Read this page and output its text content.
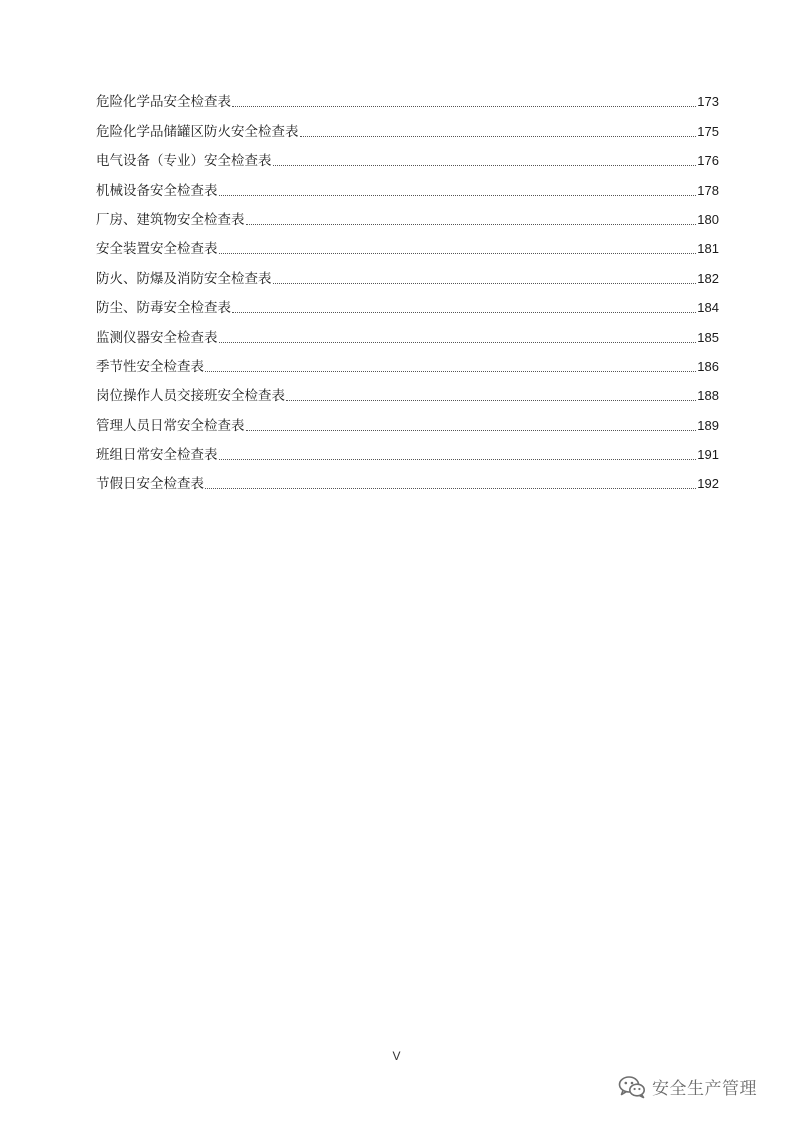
危险化学品安全检查表	173
危险化学品储罐区防火安全检查表	175
电气设备（专业）安全检查表	176
机械设备安全检查表	178
厂房、建筑物安全检查表	180
安全装置安全检查表	181
防火、防爆及消防安全检查表	182
防尘、防毒安全检查表	184
监测仪器安全检查表	185
季节性安全检查表	186
岗位操作人员交接班安全检查表	188
管理人员日常安全检查表	189
班组日常安全检查表	191
节假日安全检查表	192
V
安全生产管理
